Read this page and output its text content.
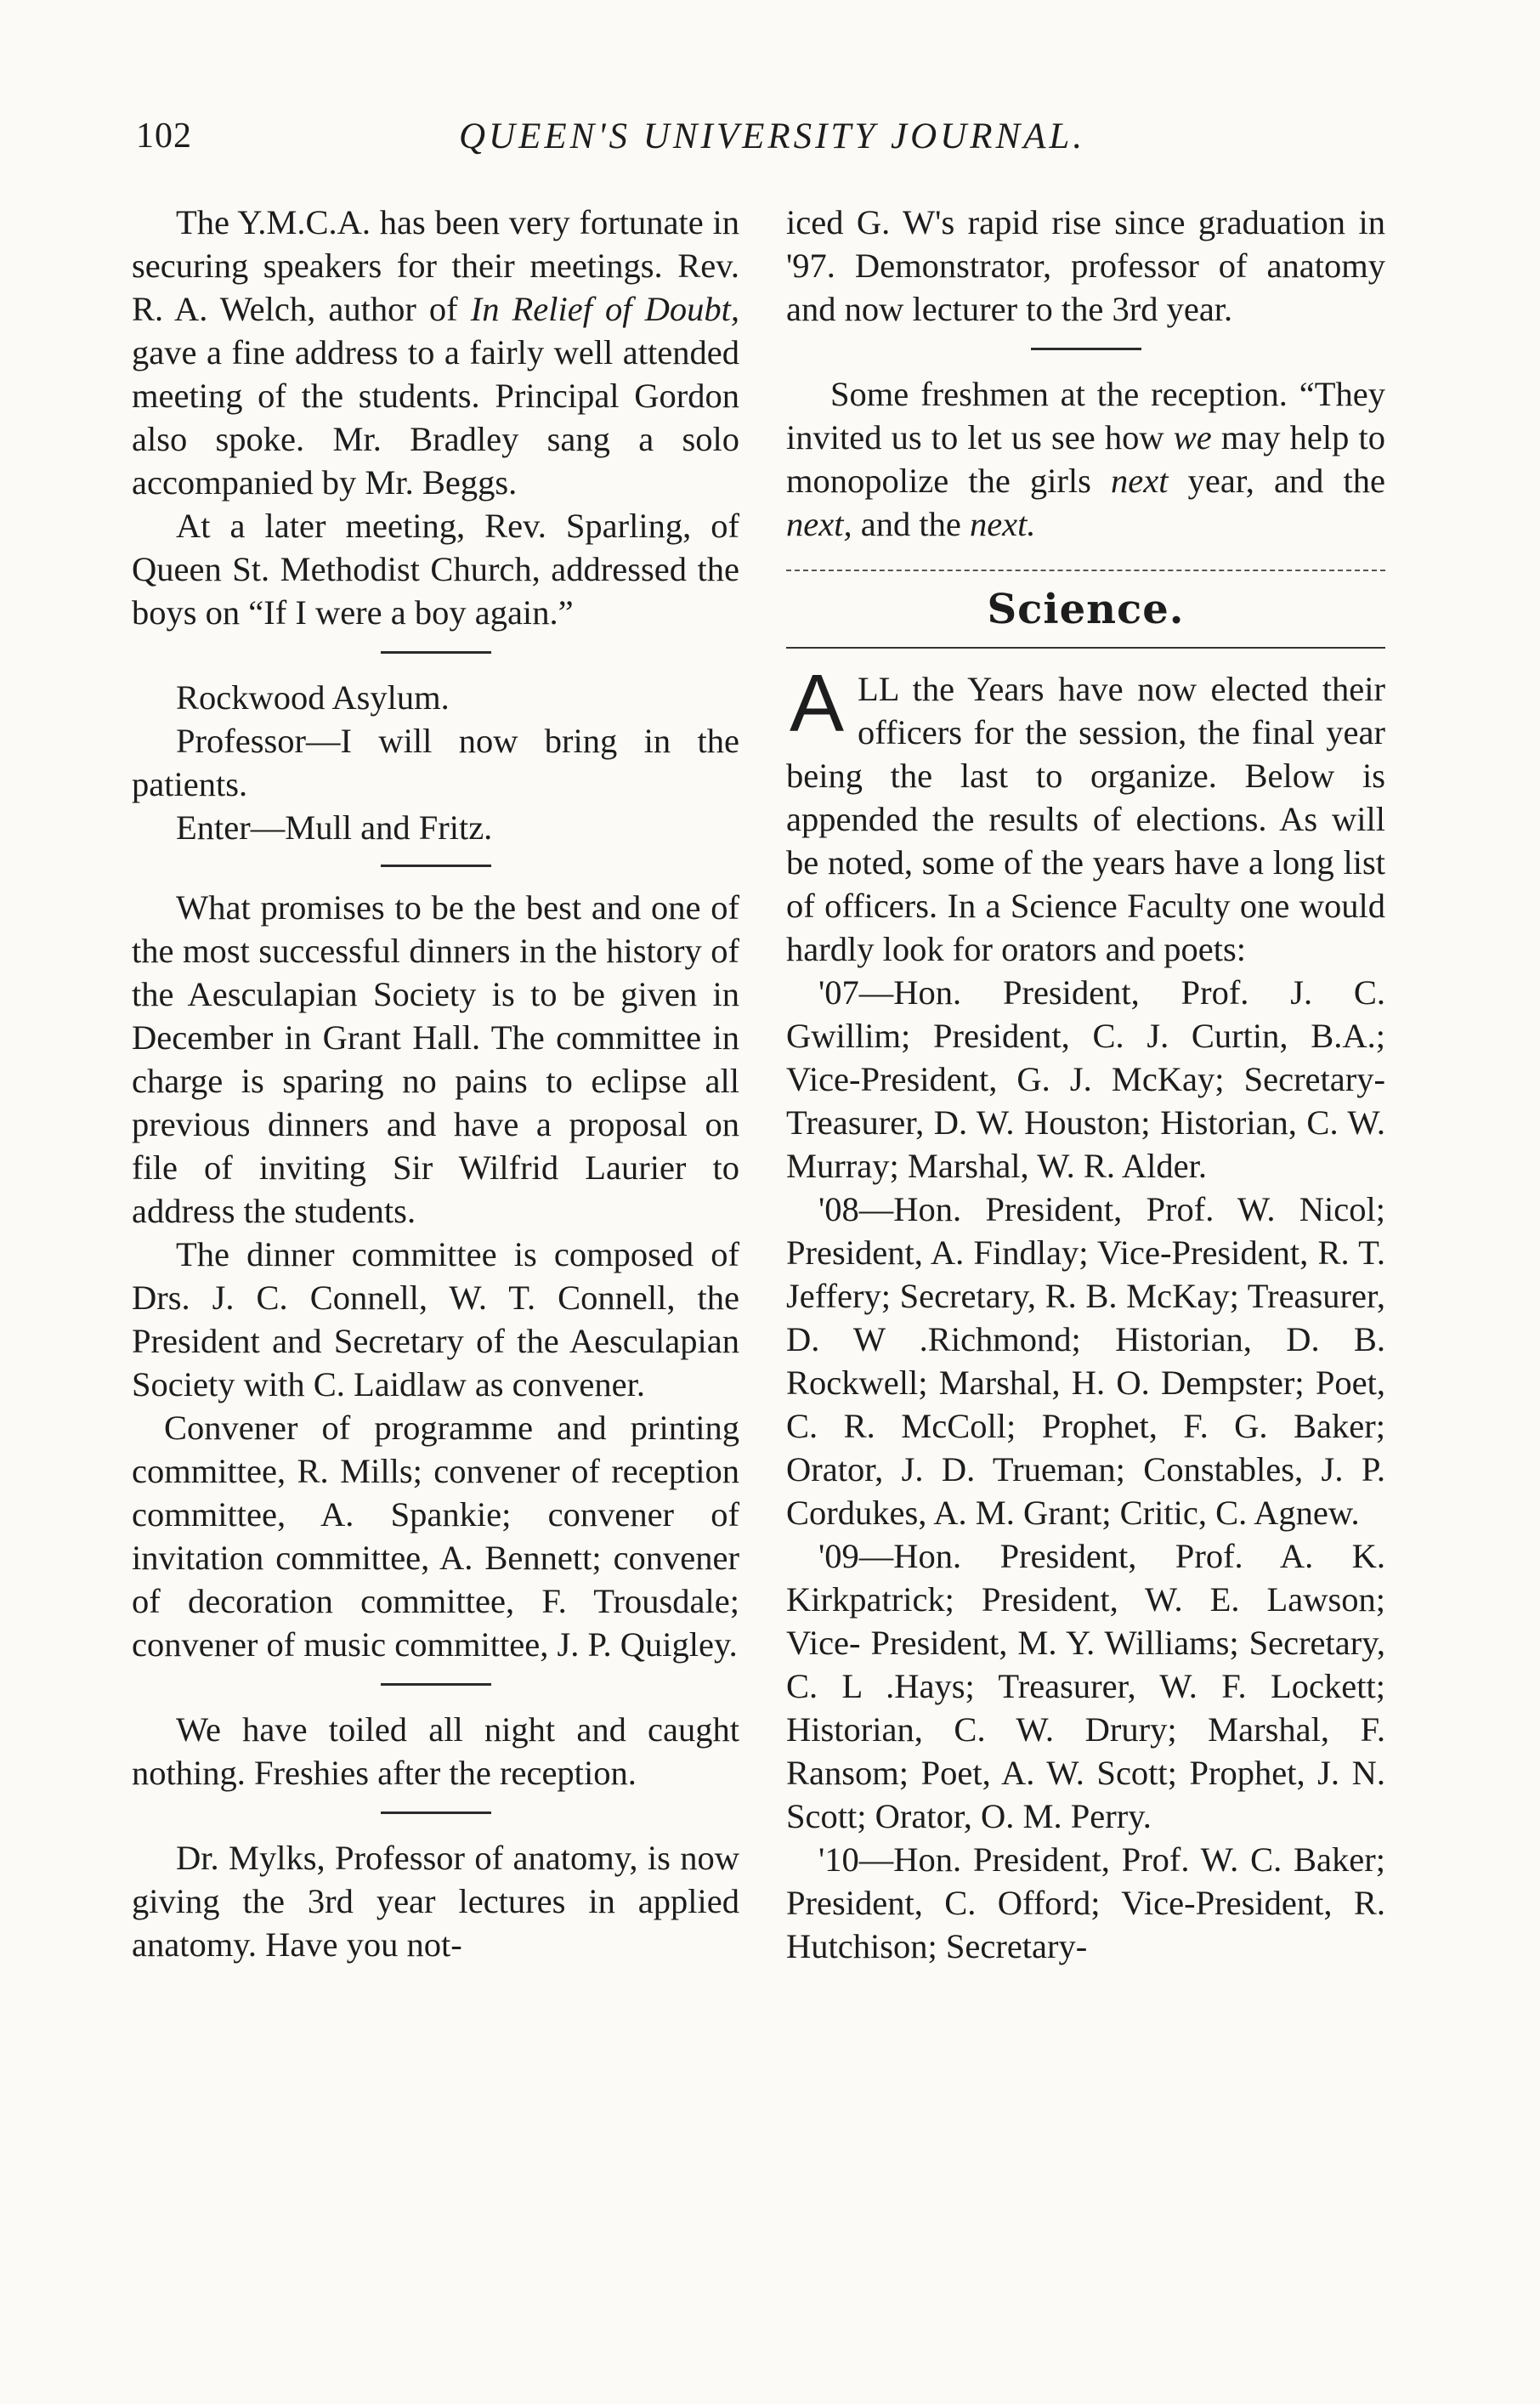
102	QUEEN'S UNIVERSITY JOURNAL.

The Y.M.C.A. has been very fortunate in securing speakers for their meetings. Rev. R. A. Welch, author of In Relief of Doubt, gave a fine address to a fairly well attended meeting of the students. Principal Gordon also spoke. Mr. Bradley sang a solo accompanied by Mr. Beggs.

At a later meeting, Rev. Sparling, of Queen St. Methodist Church, addressed the boys on “If I were a boy again.”

Rockwood Asylum.

Professor—I will now bring in the patients.

Enter—Mull and Fritz.

What promises to be the best and one of the most successful dinners in the history of the Aesculapian Society is to be given in December in Grant Hall. The committee in charge is sparing no pains to eclipse all previous dinners and have a proposal on file of inviting Sir Wilfrid Laurier to address the students.

The dinner committee is composed of Drs. J. C. Connell, W. T. Connell, the President and Secretary of the Aesculapian Society with C. Laidlaw as convener.

Convener of programme and printing committee, R. Mills; convener of reception committee, A. Spankie; convener of invitation committee, A. Bennett; convener of decoration committee, F. Trousdale; convener of music committee, J. P. Quigley.

We have toiled all night and caught nothing. Freshies after the reception.

Dr. Mylks, Professor of anatomy, is now giving the 3rd year lectures in applied anatomy. Have you not-

iced G. W's rapid rise since graduation in '97. Demonstrator, professor of anatomy and now lecturer to the 3rd year.

Some freshmen at the reception. “They invited us to let us see how we may help to monopolize the girls next year, and the next, and the next.

Science.

ALL the Years have now elected their officers for the session, the final year being the last to organize. Below is appended the results of elections. As will be noted, some of the years have a long list of officers. In a Science Faculty one would hardly look for orators and poets:

'07—Hon. President, Prof. J. C. Gwillim; President, C. J. Curtin, B.A.; Vice-President, G. J. McKay; Secretary-Treasurer, D. W. Houston; Historian, C. W. Murray; Marshal, W. R. Alder.

'08—Hon. President, Prof. W. Nicol; President, A. Findlay; Vice-President, R. T. Jeffery; Secretary, R. B. McKay; Treasurer, D. W .Richmond; Historian, D. B. Rockwell; Marshal, H. O. Dempster; Poet, C. R. McColl; Prophet, F. G. Baker; Orator, J. D. Trueman; Constables, J. P. Cordukes, A. M. Grant; Critic, C. Agnew.

'09—Hon. President, Prof. A. K. Kirkpatrick; President, W. E. Lawson; Vice- President, M. Y. Williams; Secretary, C. L .Hays; Treasurer, W. F. Lockett; Historian, C. W. Drury; Marshal, F. Ransom; Poet, A. W. Scott; Prophet, J. N. Scott; Orator, O. M. Perry.

'10—Hon. President, Prof. W. C. Baker; President, C. Offord; Vice-President, R. Hutchison; Secretary-
